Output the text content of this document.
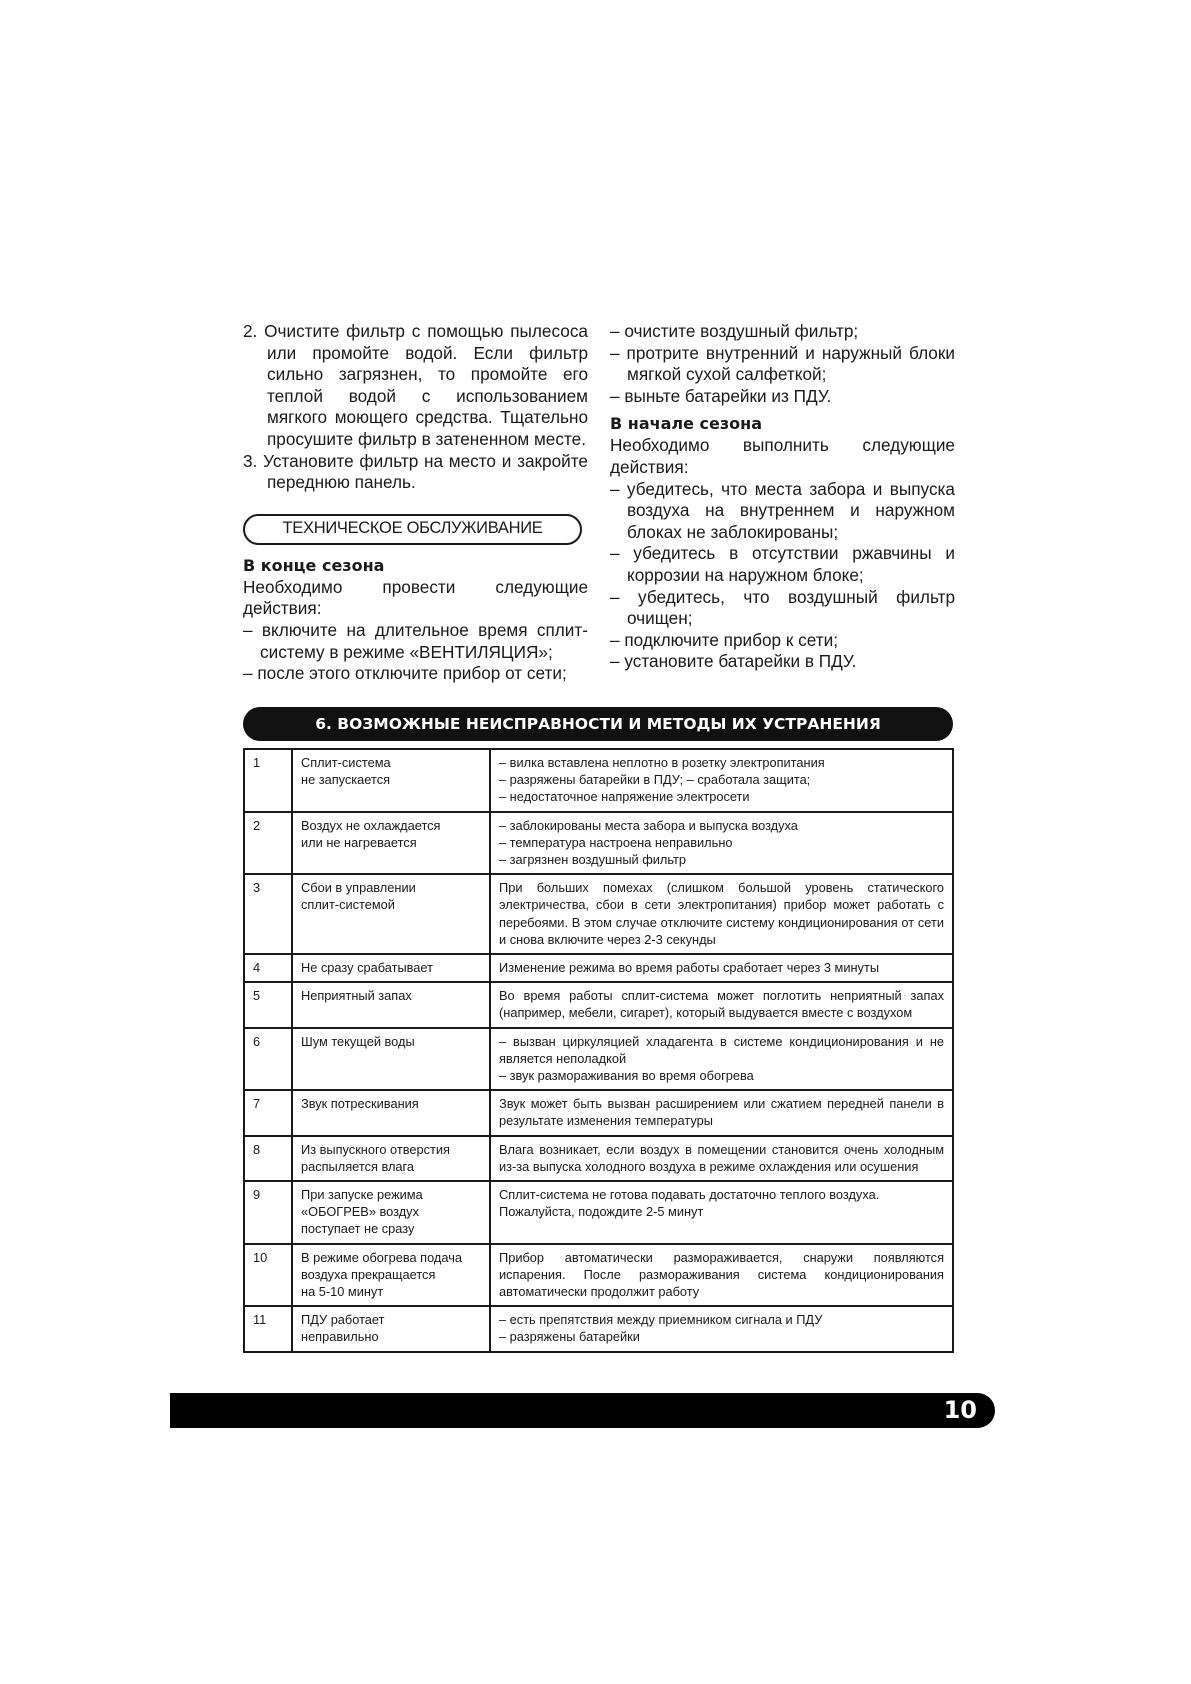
2. Очистите фильтр с помощью пылесоса или промойте водой. Если фильтр сильно загрязнен, то промойте его теплой водой с использованием мягкого моющего средства. Тщательно просушите фильтр в затененном месте.

3. Установите фильтр на место и закройте переднюю панель.

ТЕХНИЧЕСКОЕ ОБСЛУЖИВАНИЕ

В конце сезона

Необходимо провести следующие действия:

– включите на длительное время сплит-систему в режиме «ВЕНТИЛЯЦИЯ»;

– после этого отключите прибор от сети;

– очистите воздушный фильтр;

– протрите внутренний и наружный блоки мягкой сухой салфеткой;

– выньте батарейки из ПДУ.

В начале сезона

Необходимо выполнить следующие действия:

– убедитесь, что места забора и выпуска воздуха на внутреннем и наружном блоках не заблокированы;

– убедитесь в отсутствии ржавчины и коррозии на наружном блоке;

– убедитесь, что воздушный фильтр очищен;

– подключите прибор к сети;

– установите батарейки в ПДУ.

6. ВОЗМОЖНЫЕ НЕИСПРАВНОСТИ И МЕТОДЫ ИХ УСТРАНЕНИЯ
1	Сплит-система
не запускается	– вилка вставлена неплотно в розетку электропитания
– разряжены батарейки в ПДУ; – сработала защита;
– недостаточное напряжение электросети

2	Воздух не охлаждается
или не нагревается	– заблокированы места забора и выпуска воздуха
– температура настроена неправильно
– загрязнен воздушный фильтр

3	Сбои в управлении
сплит-системой	При больших помехах (слишком большой уровень статического электричества, сбои в сети электропитания) прибор может работать с перебоями. В этом случае отключите систему кондиционирования от сети и снова включите через 2-3 секунды

4	Не сразу срабатывает	Изменение режима во время работы сработает через 3 минуты

5	Неприятный запах	Во время работы сплит-система может поглотить неприятный запах (например, мебели, сигарет), который выдувается вместе с воздухом

6	Шум текущей воды	– вызван циркуляцией хладагента в системе кондиционирования и не является неполадкой
– звук размораживания во время обогрева

7	Звук потрескивания	Звук может быть вызван расширением или сжатием передней панели в результате изменения температуры

8	Из выпускного отверстия распыляется влага	Влага возникает, если воздух в помещении становится очень холодным из-за выпуска холодного воздуха в режиме охлаждения или осушения

9	При запуске режима
«ОБОГРЕВ» воздух
поступает не сразу	Сплит-система не готова подавать достаточно теплого воздуха.
Пожалуйста, подождите 2-5 минут

10	В режиме обогрева подача
воздуха прекращается
на 5-10 минут	Прибор автоматически размораживается, снаружи появляются испарения. После размораживания система кондиционирования автоматически продолжит работу

11	ПДУ работает
неправильно	– есть препятствия между приемником сигнала и ПДУ
– разряжены батарейки
10
